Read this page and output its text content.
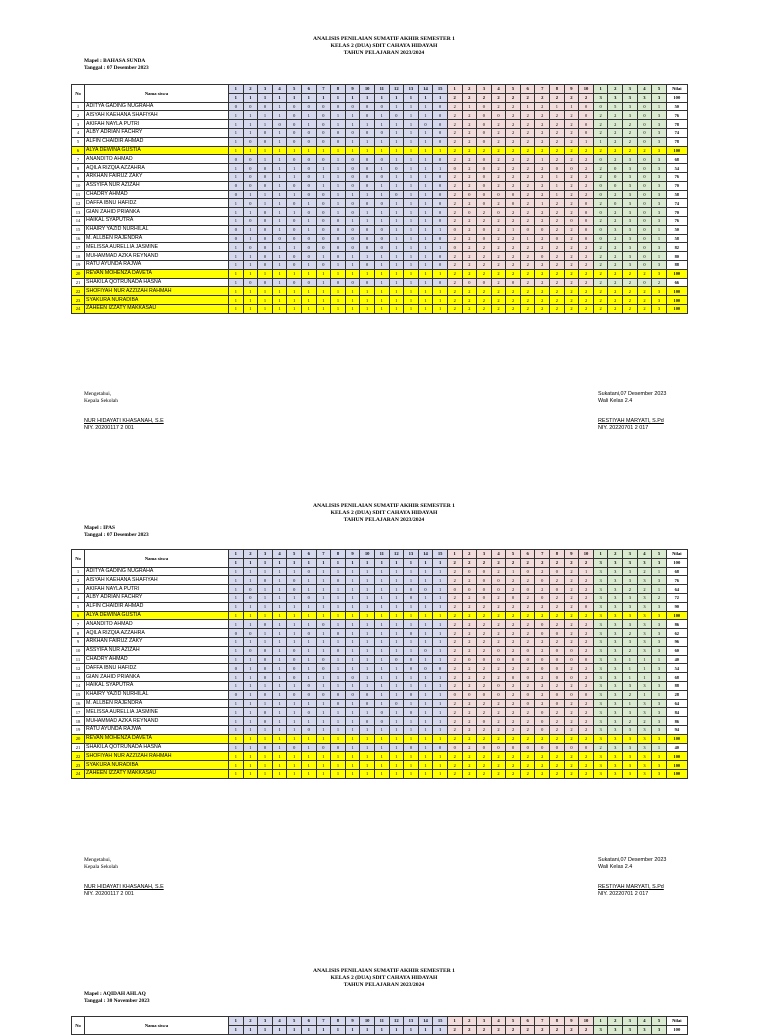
ANALISIS PENILAIAN SUMATIF AKHIR SEMESTER 1
KELAS 2 (DUA) SDIT CAHAYA HIDAYAH
TAHUN PELAJARAN 2023/2024
Mapel : BAHASA SUNDA
Tanggal : 07 Desember 2023
No	Nama siswa	1	2	3	4	5	6	7	8	9	10	11	12	13	14	15	1	2	3	4	5	6	7	8	9	10	1	2	3	4	5	Nilai
		1	1	1	1	1	1	1	1	1	1	1	1	1	1	1	2	2	2	2	2	2	2	2	2	2	3	3	3	3	3	100
1	ADITYA GADING NUGRAHA	0	0	0	1	0	0	0	0	0	0	0	1	1	1	0	2	1	0	2	2	1	2	1	1	0	0	5	3	0	1	50
2	AISYAH KAEHANA SHAFIYAH	1	1	1	1	0	1	0	1	1	0	1	0	1	1	0	2	2	0	0	2	2	2	2	2	0	2	2	3	0	3	76
3	AKIFAH NAYLA PUTRI	1	1	1	0	0	1	0	1	1	1	1	1	1	0	0	2	2	0	2	2	2	2	2	2	0	2	2	2	0	3	78
4	ALBY ADRIAN FACHRY	1	1	0	1	0	0	0	0	0	0	0	1	1	1	0	2	2	0	2	2	2	2	2	2	0	2	2	2	0	3	74
5	ALFIN CHAIDIR AHMAD	1	0	0	1	0	0	0	0	1	1	1	1	1	1	0	2	2	0	2	2	2	2	2	2	1	1	2	2	0	3	78
6	ALYA DEWINA GUSTIA	1	1	1	1	1	1	1	1	1	1	1	1	1	1	1	2	2	2	2	2	2	2	2	2	2	2	2	2	2	3	100
7	ANANDITO AHMAD	0	0	1	1	0	0	0	1	0	0	0	1	1	1	0	2	2	0	2	2	2	1	2	2	2	0	2	3	0	3	68
8	AQILA RIZQIA AZZAHRA	1	0	0	1	1	0	1	1	0	0	1	0	1	1	1	0	2	0	2	2	2	2	0	0	2	2	0	3	0	3	54
9	ARKHAN FAIRUZ ZAKY	1	0	0	1	1	0	1	1	0	0	0	1	1	1	0	2	2	0	2	2	2	2	1	2	2	2	0	3	0	3	76
10	ASSYIFA NUR AZIZAH	0	0	0	1	0	0	1	1	0	0	1	1	1	1	0	2	2	0	2	2	2	2	1	2	2	0	0	3	0	3	70
11	CHADRY AHMAD	0	1	1	1	1	0	0	1	1	1	1	0	1	1	0	2	0	0	0	0	2	2	1	2	2	0	2	3	0	3	58
12	DAFFA IBNU HAFIDZ	1	0	1	1	0	1	0	1	0	0	0	1	1	1	0	2	2	0	2	0	2	1	2	2	0	2	0	3	0	3	74
13	GIAN ZAHID PRIANKA	1	1	0	1	1	0	0	1	0	1	1	1	1	1	0	2	0	2	0	2	2	2	2	2	0	0	2	3	0	3	70
14	HAIKAL SYAPUTRA	1	0	0	1	0	1	0	0	1	1	1	1	1	1	0	2	2	2	2	2	2	2	2	0	0	2	2	3	0	3	76
15	KHAIRY YAZID NURHILAL	0	1	0	1	0	1	0	0	0	0	0	1	1	1	1	0	2	0	2	1	0	0	2	2	0	0	3	3	0	1	50
16	M. ALLBEN RAJENDRA	0	1	0	0	0	0	0	0	0	0	0	1	1	1	0	2	2	0	2	2	1	2	0	2	0	0	2	3	0	1	58
17	MELISSA AURELLIA JASMINE	1	0	0	1	1	0	0	0	0	0	0	1	1	1	1	0	2	2	2	2	2	2	2	2	2	2	2	3	0	3	82
18	MUHAMMAD AZKA REYNAND	1	1	0	1	0	0	1	0	1	1	1	1	1	1	0	2	2	2	2	2	2	0	2	2	2	2	2	3	0	1	80
19	RATU AYUNDA RAJWA	1	1	0	1	0	1	0	1	1	0	1	1	1	1	0	2	2	2	2	2	2	2	2	2	2	2	2	3	0	3	88
20	REVAN MOHENZA DAVETA	1	1	1	1	1	1	1	1	1	1	1	1	1	1	1	2	2	2	2	2	2	2	2	2	2	2	2	2	2	3	100
21	SHAKILA QOTRUNADA HASNA	1	0	0	1	0	0	1	0	0	0	1	1	1	1	0	2	0	0	2	0	2	2	2	2	2	2	2	2	0	2	66
22	SHOFIYAH NUR AZZIZAH RAHMAH	1	1	1	1	1	1	1	1	1	1	1	1	1	1	1	2	2	2	2	2	2	2	2	2	2	2	2	2	2	3	100
23	SYAKURA NURADIBA	1	1	1	1	1	1	1	1	1	1	1	1	1	1	1	2	2	2	2	2	2	2	2	2	2	2	2	2	2	3	100
24	ZAHEEN IZZATY MAKKASAU	1	1	1	1	1	1	1	1	1	1	1	1	1	1	1	2	2	2	2	2	2	2	2	2	2	2	2	2	2	3	100
Mengetahui,
Kepala Sekolah
NUR HIDAYATI KHASANAH, S.E
NIY. 20200117 2 001
Sukatani,07 Desember 2023
Wali Kelas 2.4
RESTIYAH MARYATI, S.Pd
NIY. 20220701 2 017
ANALISIS PENILAIAN SUMATIF AKHIR SEMESTER 1
KELAS 2 (DUA) SDIT CAHAYA HIDAYAH
TAHUN PELAJARAN 2023/2024
Mapel : IPAS
Tanggal : 07 Desember 2023
No	Nama siswa	1	2	3	4	5	6	7	8	9	10	11	12	13	14	15	1	2	3	4	5	6	7	8	9	10	1	2	3	4	5	Nilai
		1	1	1	1	1	1	1	1	1	1	1	1	1	1	1	2	2	2	2	2	2	2	2	2	2	3	3	3	3	3	100
1	ADITYA GADING NUGRAHA	1	1	1	1	1	0	1	1	1	1	1	1	1	1	1	2	0	0	2	1	0	2	0	2	1	3	3	3	2	1	68
2	AISYAH KAEHANA SHAFIYAH	1	1	0	1	0	1	1	0	1	1	1	1	1	1	1	2	2	0	0	2	2	0	2	2	2	3	3	3	3	3	76
3	AKIFAH NAYLA PUTRI	1	0	1	1	0	1	1	1	1	1	1	1	0	0	1	0	0	0	0	2	0	2	0	2	2	3	3	2	2	1	64
4	ALBY ADRIAN FACHRY	1	0	1	1	1	0	1	1	1	1	1	1	0	1	1	2	2	0	2	0	2	0	2	2	2	3	3	3	3	2	72
5	ALFIN CHAIDIR AHMAD	1	1	1	1	1	1	1	1	1	1	1	1	1	1	1	2	2	2	2	2	2	2	2	2	0	3	3	3	3	3	90
6	ALYA DEWINA GUSTIA	1	1	1	1	1	1	1	1	1	1	1	1	1	1	1	2	2	2	2	2	2	2	2	2	2	3	3	3	3	3	100
7	ANANDITO AHMAD	1	1	0	1	1	1	0	1	1	1	1	1	1	1	1	2	2	2	2	2	2	0	2	2	2	3	3	3	3	3	86
8	AQILA RIZQIA AZZAHRA	0	0	1	1	1	0	1	0	1	1	1	1	0	1	1	2	2	2	2	2	2	0	0	2	2	3	3	2	3	3	62
9	ARKHAN FAIRUZ ZAKY	1	1	1	1	1	1	1	1	1	1	1	1	1	1	1	2	2	2	2	2	2	2	2	2	2	3	3	3	3	3	96
10	ASSYIFA NUR AZIZAH	1	0	0	1	0	1	1	0	1	1	1	1	1	0	1	2	2	2	0	2	0	2	0	0	2	3	3	2	3	3	60
11	CHADRY AHMAD	1	1	0	1	0	1	0	1	1	1	1	0	0	1	1	2	0	0	0	0	0	0	0	0	0	3	3	1	1	1	40
12	DAFFA IBNU HAFIDZ	0	1	0	1	0	1	0	1	1	1	1	1	0	0	0	2	2	2	2	2	2	0	0	2	2	3	3	1	1	3	54
13	GIAN ZAHID PRIANKA	1	1	0	1	0	1	1	1	0	1	1	1	1	1	1	2	2	2	2	0	0	2	0	0	2	3	3	1	1	3	68
14	HAIKAL SYAPUTRA	1	1	1	1	1	0	1	1	1	1	1	1	1	1	1	2	2	2	0	2	2	2	2	2	2	3	3	3	3	3	88
15	KHAIRY YAZID NURHILAL	0	1	0	1	0	0	0	0	0	0	1	1	0	1	1	0	0	0	0	2	0	2	0	0	0	3	3	2	1	1	28
16	M. ALLBEN RAJENDRA	1	1	1	1	1	1	1	0	1	0	1	0	1	1	1	2	2	2	2	2	0	2	0	2	2	3	3	1	3	3	64
17	MELISSA AURELLIA JASMINE	1	1	0	1	1	0	1	1	1	1	0	1	0	1	1	2	2	2	2	2	2	0	2	2	2	3	3	3	3	3	84
18	MUHAMMAD AZKA REYNAND	1	1	0	1	1	1	1	1	1	0	0	1	1	1	1	2	2	0	2	2	2	0	2	2	2	3	3	2	2	3	86
19	RATU AYUNDA RAJWA	1	1	1	1	1	0	1	1	1	1	1	1	1	1	1	2	2	2	2	2	2	0	2	2	2	3	3	3	3	3	94
20	REVAN MOHENZA DAVETA	1	1	1	1	1	1	1	1	1	1	1	1	1	1	1	2	2	2	2	2	2	2	2	2	2	3	3	3	3	3	100
21	SHAKILA QOTRUNADA HASNA	1	1	0	1	0	1	0	0	1	1	1	1	0	1	0	0	2	0	0	0	0	0	0	0	0	2	3	3	3	1	40
22	SHOFIYAH NUR AZZIZAH RAHMAH	1	1	1	1	1	1	1	1	1	1	1	1	1	1	1	2	2	2	2	2	2	2	2	2	2	3	3	3	3	3	100
23	SYAKURA NURADIBA	1	1	1	1	1	1	1	1	1	1	1	1	1	1	1	2	2	2	2	2	2	2	2	2	2	3	3	3	3	3	100
24	ZAHEEN IZZATY MAKKASAU	1	1	1	1	1	1	1	1	1	1	1	1	1	1	1	2	2	2	2	2	2	2	2	2	2	3	3	3	3	3	100
Mengetahui,
Kepala Sekolah
NUR HIDAYATI KHASANAH, S.E
NIY. 20200117 2 001
Sukatani,07 Desember 2023
Wali Kelas 2.4
RESTIYAH MARYATI, S.Pd
NIY. 20220701 2 017
ANALISIS PENILAIAN SUMATIF AKHIR SEMESTER 1
KELAS 2 (DUA) SDIT CAHAYA HIDAYAH
TAHUN PELAJARAN 2023/2024
Mapel : AQIDAH AHLAQ
Tanggal : 30 November 2023
No	Nama siswa	1	2	3	4	5	6	7	8	9	10	11	12	13	14	15	1	2	3	4	5	6	7	8	9	10	1	2	3	4	5	Nilai
		1	1	1	1	1	1	1	1	1	1	1	1	1	1	1	2	2	2	2	2	2	2	2	2	2	3	3	3	3	3	100
